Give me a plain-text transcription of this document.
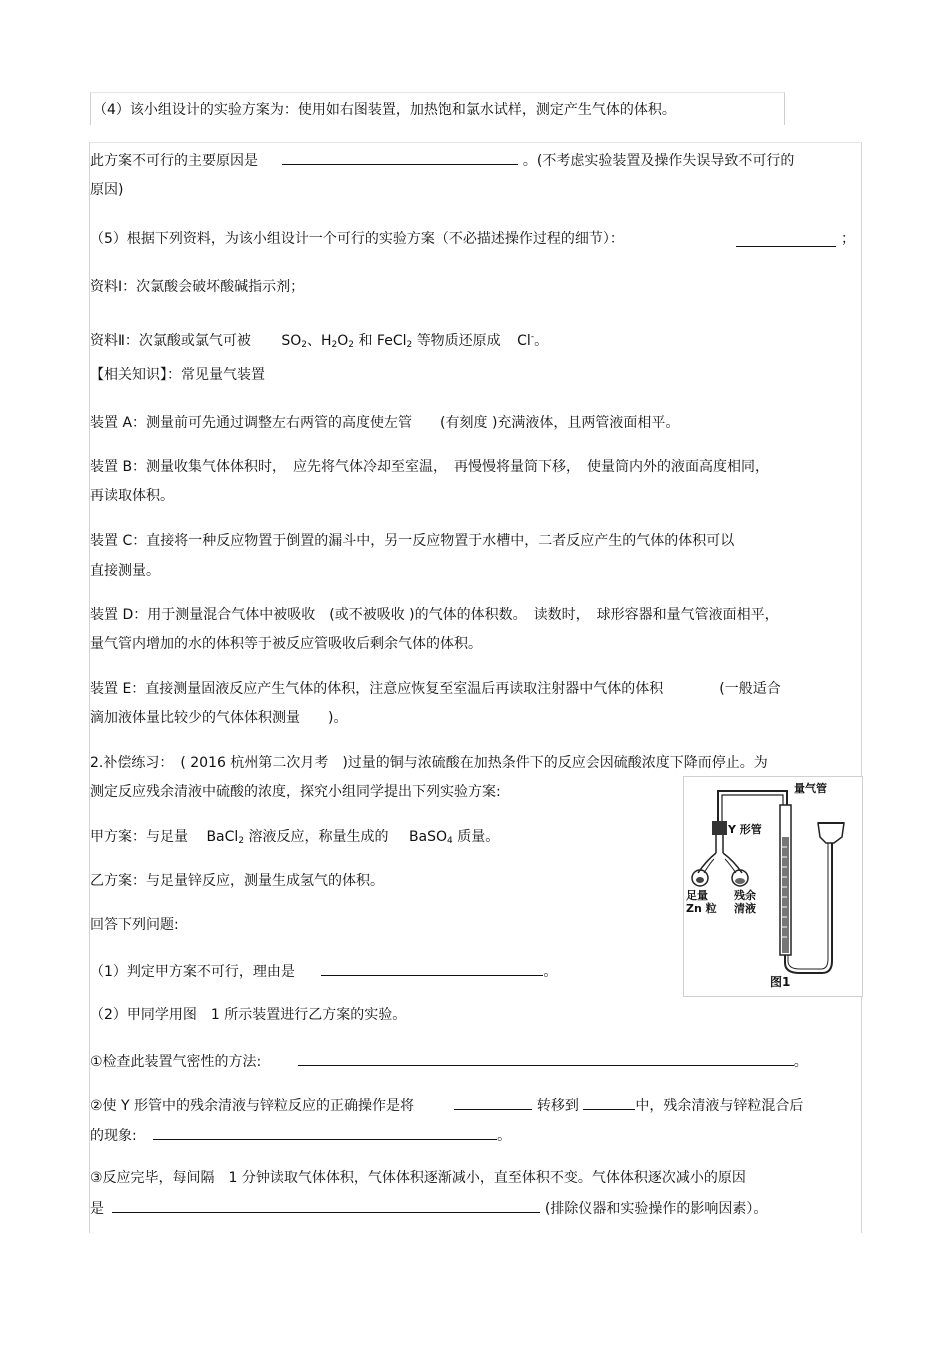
（4）该小组设计的实验方案为：使用如右图装置，加热饱和氯水试样，测定产生气体的体积。
此方案不可行的主要原因是	。(不考虑实验装置及操作失误导致不可行的
原因)
（5）根据下列资料，为该小组设计一个可行的实验方案（不必描述操作过程的细节）：	；
资料Ⅰ：次氯酸会破坏酸碱指示剂；
资料Ⅱ：次氯酸或氯气可被 $SO_2$、$H_2O_2$ 和 FeCl$_2$ 等物质还原成 Cl-。
【相关知识】：常见量气装置
装置 A：测量前可先通过调整左右两管的高度使左管　　(有刻度 )充满液体，且两管液面相平。
装置 B：测量收集气体体积时，　应先将气体冷却至室温，　再慢慢将量筒下移，　使量筒内外的液面高度相同，
再读取体积。
装置 C：直接将一种反应物置于倒置的漏斗中，另一反应物置于水槽中，二者反应产生的气体的体积可以
直接测量。
装置 D：用于测量混合气体中被吸收　(或不被吸收 )的气体的体积数。　读数时，　球形容器和量气管液面相平，
量气管内增加的水的体积等于被反应管吸收后剩余气体的体积。
装置 E：直接测量固液反应产生气体的体积，注意应恢复至室温后再读取注射器中气体的体积　　　　(一般适合
滴加液体量比较少的气体体积测量　　)。
2.补偿练习：　( 2016 杭州第二次月考　)过量的铜与浓硫酸在加热条件下的反应会因硫酸浓度下降而停止。为
测定反应残余清液中硫酸的浓度，探究小组同学提出下列实验方案:
甲方案：与足量 BaCl$_2$ 溶液反应，称量生成的 BaSO$_4$ 质量。
乙方案：与足量锌反应，测量生成氢气的体积。
回答下列问题:
（1）判定甲方案不可行，理由是	。
（2）甲同学用图　1 所示装置进行乙方案的实验。
①检查此装置气密性的方法:	。
②使 Y 形管中的残余清液与锌粒反应的正确操作是将	转移到	中，残余清液与锌粒混合后
的现象:	。
③反应完毕，每间隔　1 分钟读取气体体积，气体体积逐渐减小，直至体积不变。气体体积逐次减小的原因
是	(排除仪器和实验操作的影响因素）。
Y 形管
量气管
足量
Zn 粒
残余
清液
图1
